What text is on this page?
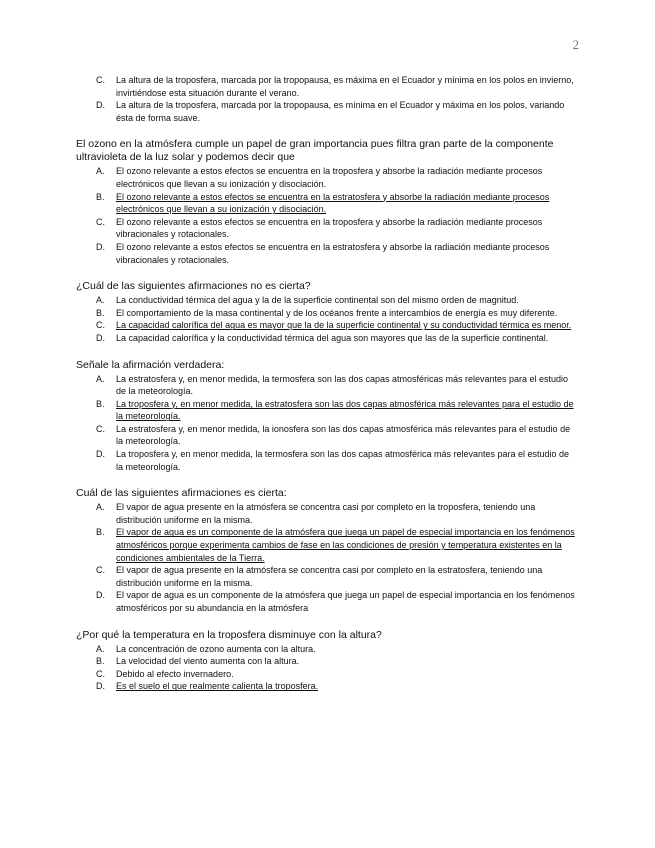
2
C.	La altura de la troposfera, marcada por la tropopausa, es máxima en el Ecuador y mínima en los polos en invierno, invirtiéndose esta situación durante el verano.
D.	La altura de la troposfera, marcada por la tropopausa, es mínima en el Ecuador y máxima en los polos, variando ésta de forma suave.

El ozono en la atmósfera cumple un papel de gran importancia pues filtra gran parte de la componente ultravioleta de la luz solar y podemos decir que

A.	El ozono relevante a estos efectos se encuentra en la troposfera y absorbe la radiación mediante procesos electrónicos que llevan a su ionización y disociación.
B.	El ozono relevante a estos efectos se encuentra en la estratosfera y absorbe la radiación mediante procesos electrónicos que llevan a su ionización y disociación.
C.	El ozono relevante a estos efectos se encuentra en la troposfera y absorbe la radiación mediante procesos vibracionales y rotacionales.
D.	El ozono relevante a estos efectos se encuentra en la estratosfera y absorbe la radiación mediante procesos vibracionales y rotacionales.

¿Cuál de las siguientes afirmaciones no es cierta?

A.	La conductividad térmica del agua y la de la superficie continental son del mismo orden de magnitud.
B.	El comportamiento de la masa continental y de los océanos frente a intercambios de energía es muy diferente.
C.	La capacidad calorífica del agua es mayor que la de la superficie continental y su conductividad térmica es menor.
D.	La capacidad calorífica y la conductividad térmica del agua son mayores que las de la superficie continental.

Señale la afirmación verdadera:

A.	La estratosfera y, en menor medida, la termosfera son las dos capas atmosféricas más relevantes para el estudio de la meteorología.
B.	La troposfera y, en menor medida, la estratosfera son las dos capas atmosférica más relevantes para el estudio de la meteorología.
C.	La estratosfera y, en menor medida, la ionosfera son las dos capas atmosférica más relevantes para el estudio de la meteorología.
D.	La troposfera y, en menor medida, la termosfera son las dos capas atmosférica más relevantes para el estudio de la meteorología.

Cuál de las siguientes afirmaciones es cierta:

A.	El vapor de agua presente en la atmósfera se concentra casi por completo en la troposfera, teniendo una distribución uniforme en la misma.
B.	El vapor de agua es un componente de la atmósfera que juega un papel de especial importancia en los fenómenos atmosféricos porque experimenta cambios de fase en las condiciones de presión y temperatura existentes en la condiciones ambientales de la Tierra.
C.	El vapor de agua presente en la atmósfera se concentra casi por completo en la estratosfera, teniendo una distribución uniforme en la misma.
D.	El vapor de agua es un componente de la atmósfera que juega un papel de especial importancia en los fenómenos atmosféricos por su abundancia en la atmósfera

¿Por qué la temperatura en la troposfera disminuye con la altura?

A.	La concentración de ozono aumenta con la altura.
B.	La velocidad del viento aumenta con la altura.
C.	Debido al efecto invernadero.
D.	Es el suelo el que realmente calienta la troposfera.
